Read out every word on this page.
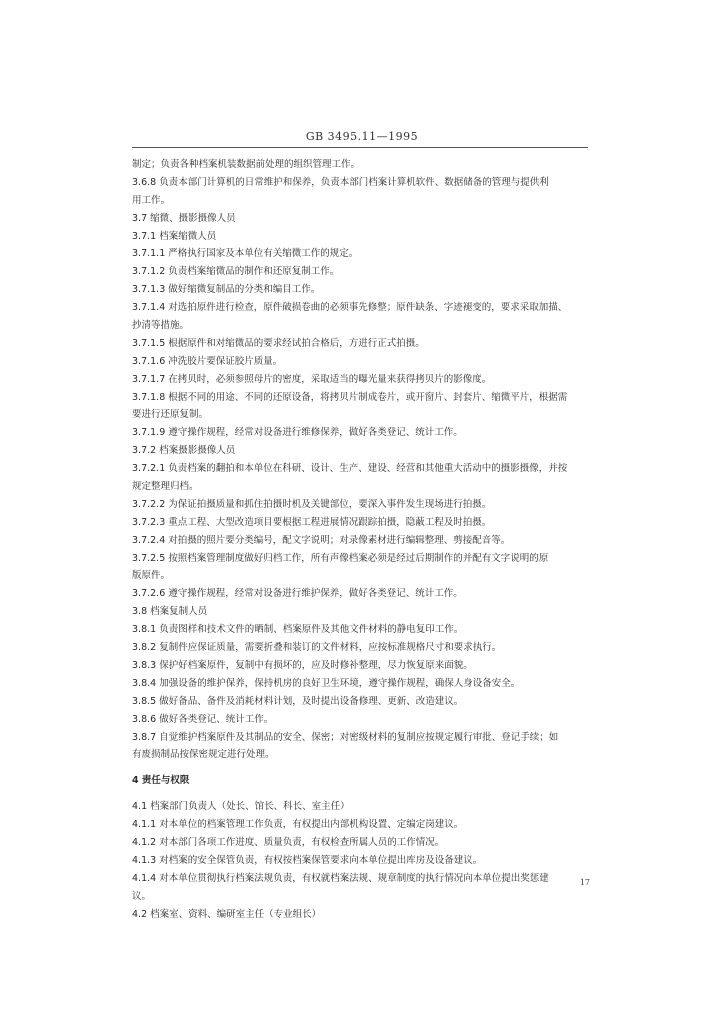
GB 3495.11—1995
制定；负责各种档案机装数据前处理的组织管理工作。
3.6.8 负责本部门计算机的日常维护和保养，负责本部门档案计算机软件、数据储备的管理与提供利
用工作。
3.7 缩微、摄影摄像人员
3.7.1 档案缩微人员
3.7.1.1 严格执行国家及本单位有关缩微工作的规定。
3.7.1.2 负责档案缩微品的制作和还原复制工作。
3.7.1.3 做好缩微复制品的分类和编目工作。
3.7.1.4 对选拍原件进行检查，原件破损卷曲的必须事先修整；原件缺条、字迹褪变的，要求采取加描、
抄清等措施。
3.7.1.5 根据原件和对缩微品的要求经试拍合格后，方进行正式拍摄。
3.7.1.6 冲洗胶片要保证胶片质量。
3.7.1.7 在拷贝时，必须参照母片的密度，采取适当的曝光量来获得拷贝片的影像度。
3.7.1.8 根据不同的用途、不同的还原设备，将拷贝片制成卷片，或开窗片、封套片、缩微平片，根据需
要进行还原复制。
3.7.1.9 遵守操作规程，经常对设备进行维修保养，做好各类登记、统计工作。
3.7.2 档案摄影摄像人员
3.7.2.1 负责档案的翻拍和本单位在科研、设计、生产、建设、经营和其他重大活动中的摄影摄像，并按
规定整理归档。
3.7.2.2 为保证拍摄质量和抓住拍摄时机及关键部位，要深入事件发生现场进行拍摄。
3.7.2.3 重点工程、大型改造项目要根据工程进展情况跟踪拍摄，隐蔽工程及时拍摄。
3.7.2.4 对拍摄的照片要分类编号，配文字说明；对录像素材进行编辑整理、剪接配音等。
3.7.2.5 按照档案管理制度做好归档工作，所有声像档案必须是经过后期制作的并配有文字说明的原
版原件。
3.7.2.6 遵守操作规程，经常对设备进行维护保养，做好各类登记、统计工作。
3.8 档案复制人员
3.8.1 负责图样和技术文件的晒制、档案原件及其他文件材料的静电复印工作。
3.8.2 复制件应保证质量，需要折叠和装订的文件材料，应按标准规格尺寸和要求执行。
3.8.3 保护好档案原件，复制中有损坏的，应及时修补整理，尽力恢复原来面貌。
3.8.4 加强设备的维护保养，保持机房的良好卫生环境，遵守操作规程，确保人身设备安全。
3.8.5 做好备品、备件及消耗材料计划，及时提出设备修理、更新、改造建议。
3.8.6 做好各类登记、统计工作。
3.8.7 自觉维护档案原件及其制品的安全、保密；对密级材料的复制应按规定履行审批、登记手续；如
有废损制品按保密规定进行处理。
4 责任与权限
4.1 档案部门负责人（处长、馆长、科长、室主任）
4.1.1 对本单位的档案管理工作负责，有权提出内部机构设置、定编定岗建议。
4.1.2 对本部门各项工作进度、质量负责，有权检查所属人员的工作情况。
4.1.3 对档案的安全保管负责，有权按档案保管要求向本单位提出库房及设备建议。
4.1.4 对本单位贯彻执行档案法规负责，有权就档案法规、规章制度的执行情况向本单位提出奖惩建
议。
4.2 档案室、资料、编研室主任（专业组长）
17
